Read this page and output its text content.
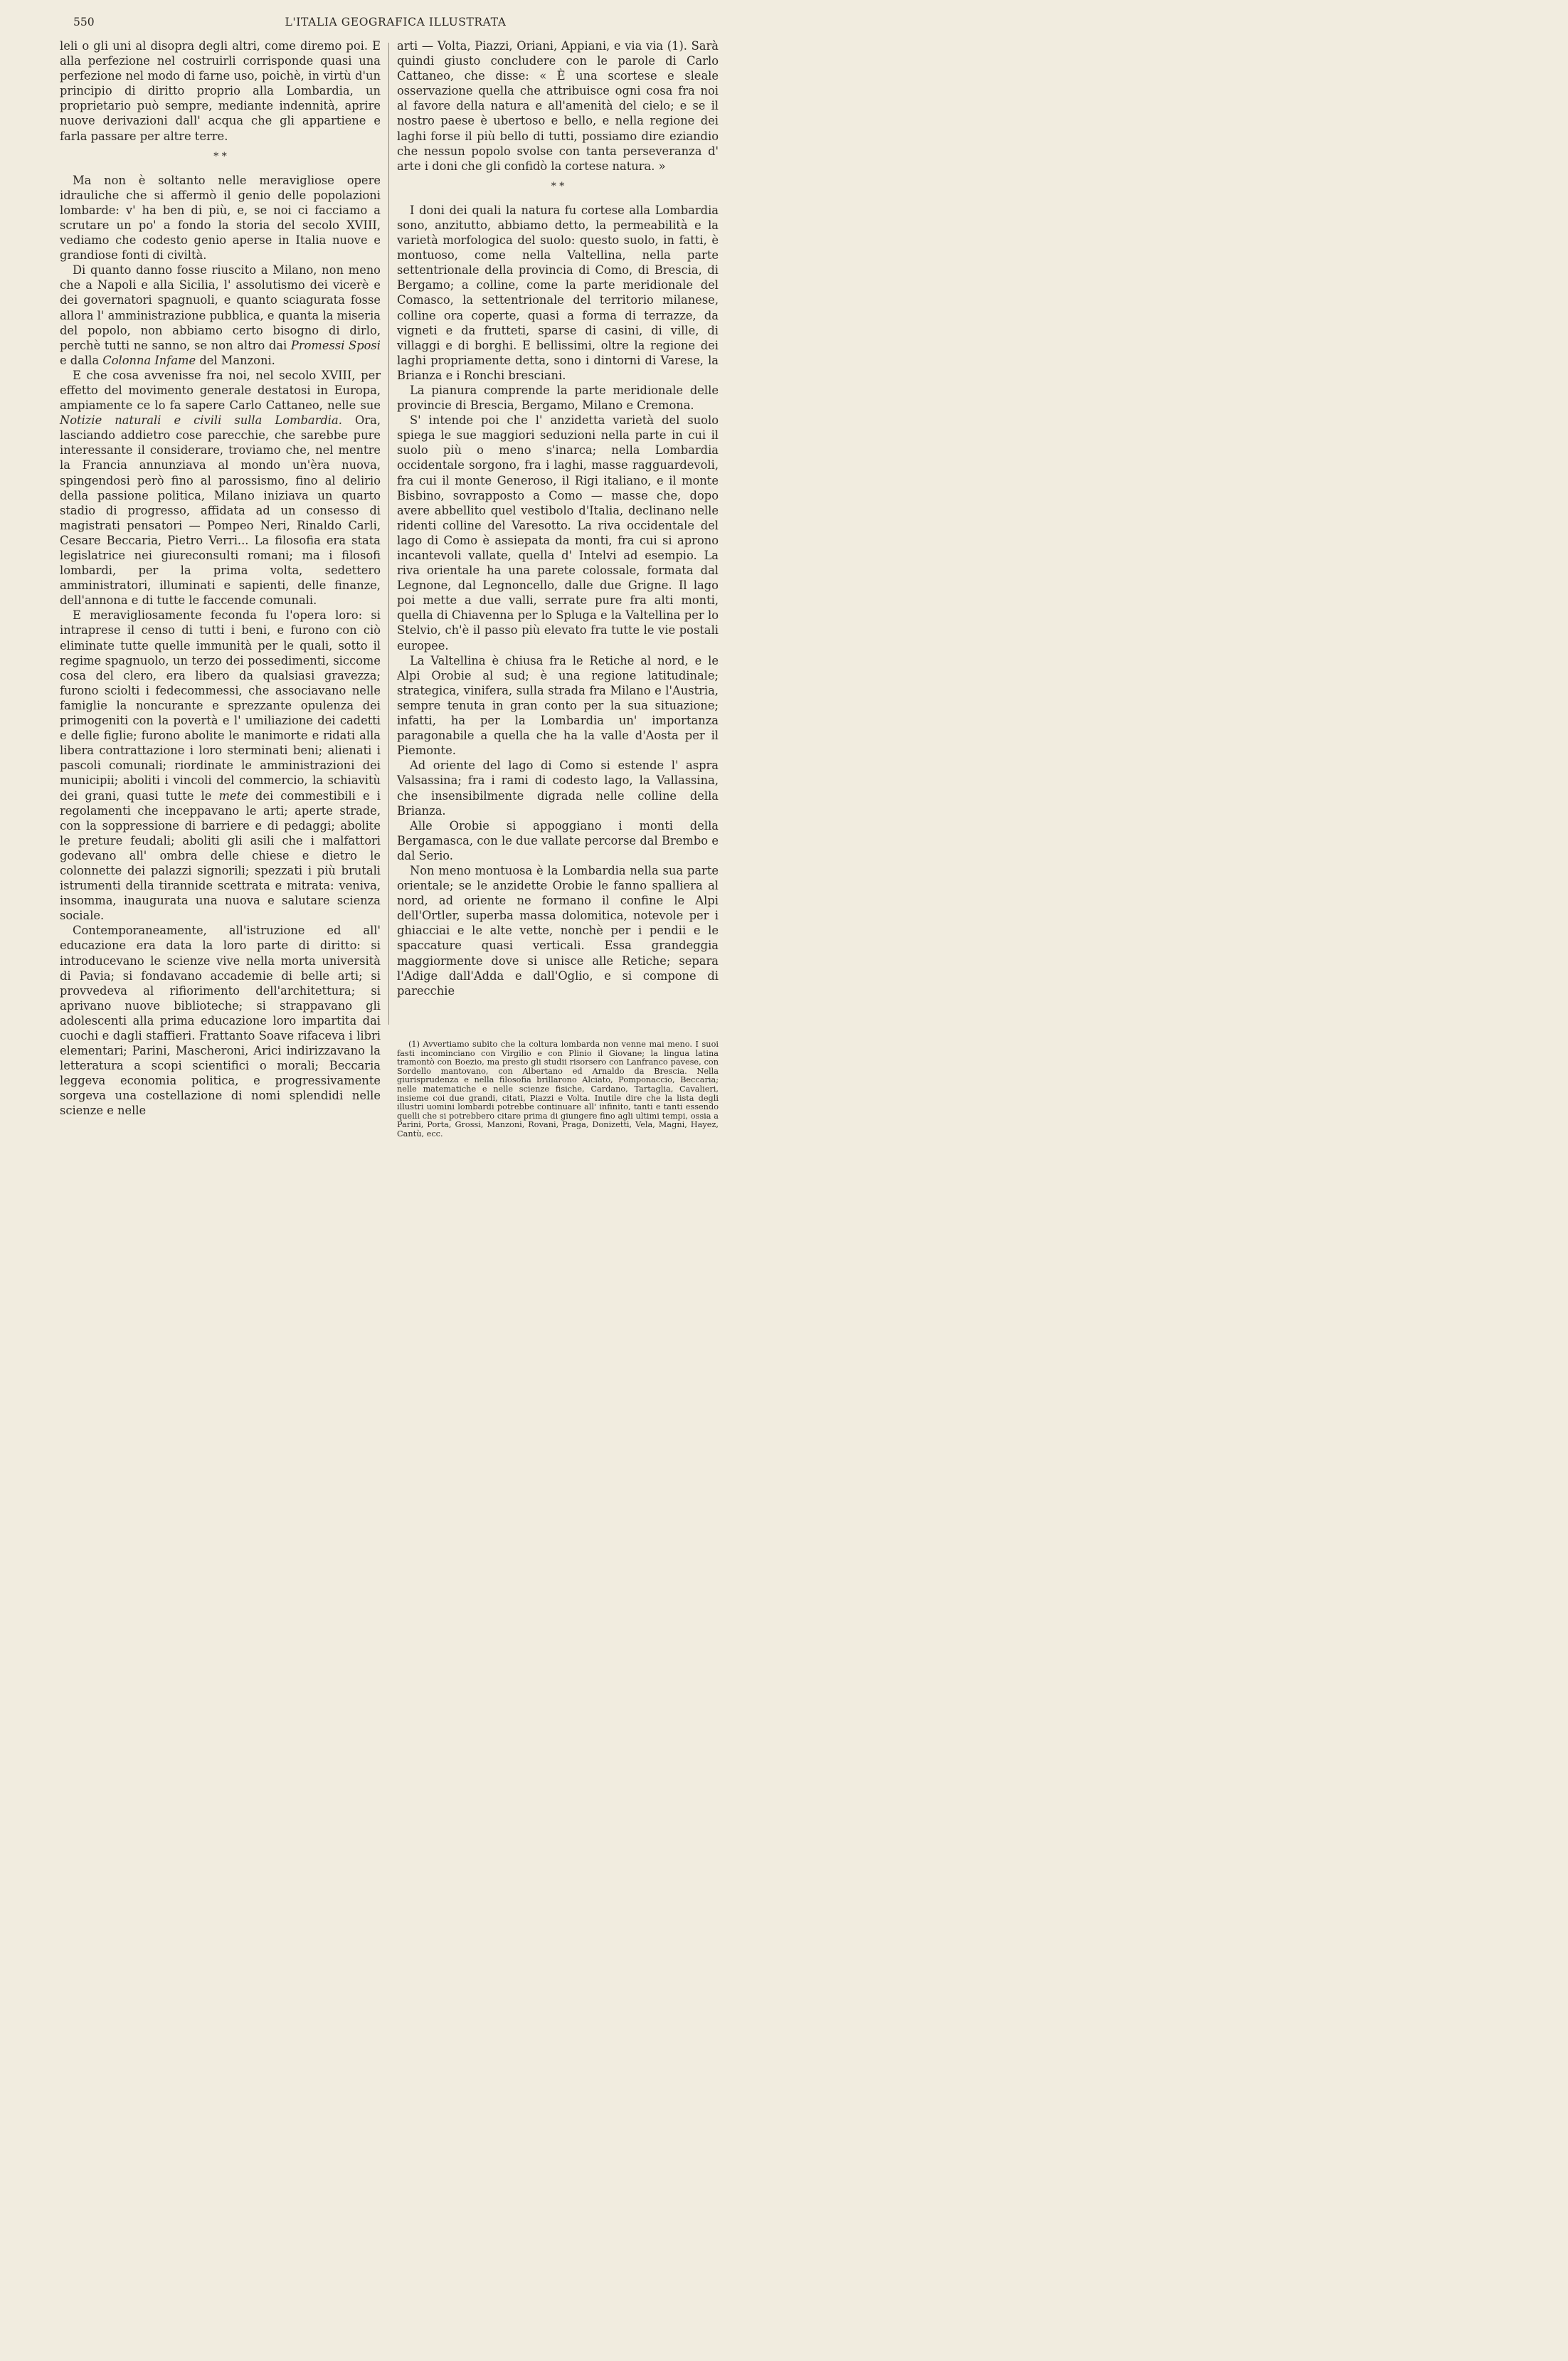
550	L'ITALIA GEOGRAFICA ILLUSTRATA

leli o gli uni al disopra degli altri, come diremo poi. E alla perfezione nel costruirli corrisponde quasi una perfezione nel modo di farne uso, poichè, in virtù d'un principio di diritto proprio alla Lombardia, un proprietario può sempre, mediante indennità, aprire nuove derivazioni dall' acqua che gli appartiene e farla passare per altre terre.

* *

Ma non è soltanto nelle meravigliose opere idrauliche che si affermò il genio delle popolazioni lombarde: v' ha ben di più, e, se noi ci facciamo a scrutare un po' a fondo la storia del secolo XVIII, vediamo che codesto genio aperse in Italia nuove e grandiose fonti di civiltà.

Di quanto danno fosse riuscito a Milano, non meno che a Napoli e alla Sicilia, l' assolutismo dei vicerè e dei governatori spagnuoli, e quanto sciagurata fosse allora l' amministrazione pubblica, e quanta la miseria del popolo, non abbiamo certo bisogno di dirlo, perchè tutti ne sanno, se non altro dai Promessi Sposi e dalla Colonna Infame del Manzoni.

E che cosa avvenisse fra noi, nel secolo XVIII, per effetto del movimento generale destatosi in Europa, ampiamente ce lo fa sapere Carlo Cattaneo, nelle sue Notizie naturali e civili sulla Lombardia. Ora, lasciando addietro cose parecchie, che sarebbe pure interessante il considerare, troviamo che, nel mentre la Francia annunziava al mondo un'èra nuova, spingendosi però fino al parossismo, fino al delirio della passione politica, Milano iniziava un quarto stadio di progresso, affidata ad un consesso di magistrati pensatori — Pompeo Neri, Rinaldo Carli, Cesare Beccaria, Pietro Verri... La filosofia era stata legislatrice nei giureconsulti romani; ma i filosofi lombardi, per la prima volta, sedettero amministratori, illuminati e sapienti, delle finanze, dell'annona e di tutte le faccende comunali.

E meravigliosamente feconda fu l'opera loro: si intraprese il censo di tutti i beni, e furono con ciò eliminate tutte quelle immunità per le quali, sotto il regime spagnuolo, un terzo dei possedimenti, siccome cosa del clero, era libero da qualsiasi gravezza; furono sciolti i fedecommessi, che associavano nelle famiglie la noncurante e sprezzante opulenza dei primogeniti con la povertà e l' umiliazione dei cadetti e delle figlie; furono abolite le manimorte e ridati alla libera contrattazione i loro sterminati beni; alienati i pascoli comunali; riordinate le amministrazioni dei municipii; aboliti i vincoli del commercio, la schiavitù dei grani, quasi tutte le mete dei commestibili e i regolamenti che inceppavano le arti; aperte strade, con la soppressione di barriere e di pedaggi; abolite le preture feudali; aboliti gli asili che i malfattori godevano all' ombra delle chiese e dietro le colonnette dei palazzi signorili; spezzati i più brutali istrumenti della tirannide scettrata e mitrata: veniva, insomma, inaugurata una nuova e salutare scienza sociale.

Contemporaneamente, all'istruzione ed all' educazione era data la loro parte di diritto: si introducevano le scienze vive nella morta università di Pavia; si fondavano accademie di belle arti; si provvedeva al rifiorimento dell'architettura; si aprivano nuove biblioteche; si strappavano gli adolescenti alla prima educazione loro impartita dai cuochi e dagli staffieri. Frattanto Soave rifaceva i libri elementari; Parini, Mascheroni, Arici indirizzavano la letteratura a scopi scientifici o morali; Beccaria leggeva economia politica, e progressivamente sorgeva una costellazione di nomi splendidi nelle scienze e nelle

arti — Volta, Piazzi, Oriani, Appiani, e via via (1). Sarà quindi giusto concludere con le parole di Carlo Cattaneo, che disse: « È una scortese e sleale osservazione quella che attribuisce ogni cosa fra noi al favore della natura e all'amenità del cielo; e se il nostro paese è ubertoso e bello, e nella regione dei laghi forse il più bello di tutti, possiamo dire eziandio che nessun popolo svolse con tanta perseveranza d' arte i doni che gli confidò la cortese natura. »

* *

I doni dei quali la natura fu cortese alla Lombardia sono, anzitutto, abbiamo detto, la permeabilità e la varietà morfologica del suolo: questo suolo, in fatti, è montuoso, come nella Valtellina, nella parte settentrionale della provincia di Como, di Brescia, di Bergamo; a colline, come la parte meridionale del Comasco, la settentrionale del territorio milanese, colline ora coperte, quasi a forma di terrazze, da vigneti e da frutteti, sparse di casini, di ville, di villaggi e di borghi. E bellissimi, oltre la regione dei laghi propriamente detta, sono i dintorni di Varese, la Brianza e i Ronchi bresciani.

La pianura comprende la parte meridionale delle provincie di Brescia, Bergamo, Milano e Cremona.

S' intende poi che l' anzidetta varietà del suolo spiega le sue maggiori seduzioni nella parte in cui il suolo più o meno s'inarca; nella Lombardia occidentale sorgono, fra i laghi, masse ragguardevoli, fra cui il monte Generoso, il Rigi italiano, e il monte Bisbino, sovrapposto a Como — masse che, dopo avere abbellito quel vestibolo d'Italia, declinano nelle ridenti colline del Varesotto. La riva occidentale del lago di Como è assiepata da monti, fra cui si aprono incantevoli vallate, quella d' Intelvi ad esempio. La riva orientale ha una parete colossale, formata dal Legnone, dal Legnoncello, dalle due Grigne. Il lago poi mette a due valli, serrate pure fra alti monti, quella di Chiavenna per lo Spluga e la Valtellina per lo Stelvio, ch'è il passo più elevato fra tutte le vie postali europee.

La Valtellina è chiusa fra le Retiche al nord, e le Alpi Orobie al sud; è una regione latitudinale; strategica, vinifera, sulla strada fra Milano e l'Austria, sempre tenuta in gran conto per la sua situazione; infatti, ha per la Lombardia un' importanza paragonabile a quella che ha la valle d'Aosta per il Piemonte.

Ad oriente del lago di Como si estende l' aspra Valsassina; fra i rami di codesto lago, la Vallassina, che insensibilmente digrada nelle colline della Brianza.

Alle Orobie si appoggiano i monti della Bergamasca, con le due vallate percorse dal Brembo e dal Serio.

Non meno montuosa è la Lombardia nella sua parte orientale; se le anzidette Orobie le fanno spalliera al nord, ad oriente ne formano il confine le Alpi dell'Ortler, superba massa dolomitica, notevole per i ghiacciai e le alte vette, nonchè per i pendii e le spaccature quasi verticali. Essa grandeggia maggiormente dove si unisce alle Retiche; separa l'Adige dall'Adda e dall'Oglio, e si compone di parecchie

(1) Avvertiamo subito che la coltura lombarda non venne mai meno. I suoi fasti incominciano con Virgilio e con Plinio il Giovane; la lingua latina tramontò con Boezio, ma presto gli studii risorsero con Lanfranco pavese, con Sordello mantovano, con Albertano ed Arnaldo da Brescia. Nella giurisprudenza e nella filosofia brillarono Alciato, Pomponaccio, Beccaria; nelle matematiche e nelle scienze fisiche, Cardano, Tartaglia, Cavalieri, insieme coi due grandi, citati, Piazzi e Volta. Inutile dire che la lista degli illustri uomini lombardi potrebbe continuare all' infinito, tanti e tanti essendo quelli che si potrebbero citare prima di giungere fino agli ultimi tempi, ossia a Parini, Porta, Grossi, Manzoni, Rovani, Praga, Donizetti, Vela, Magni, Hayez, Cantù, ecc.
